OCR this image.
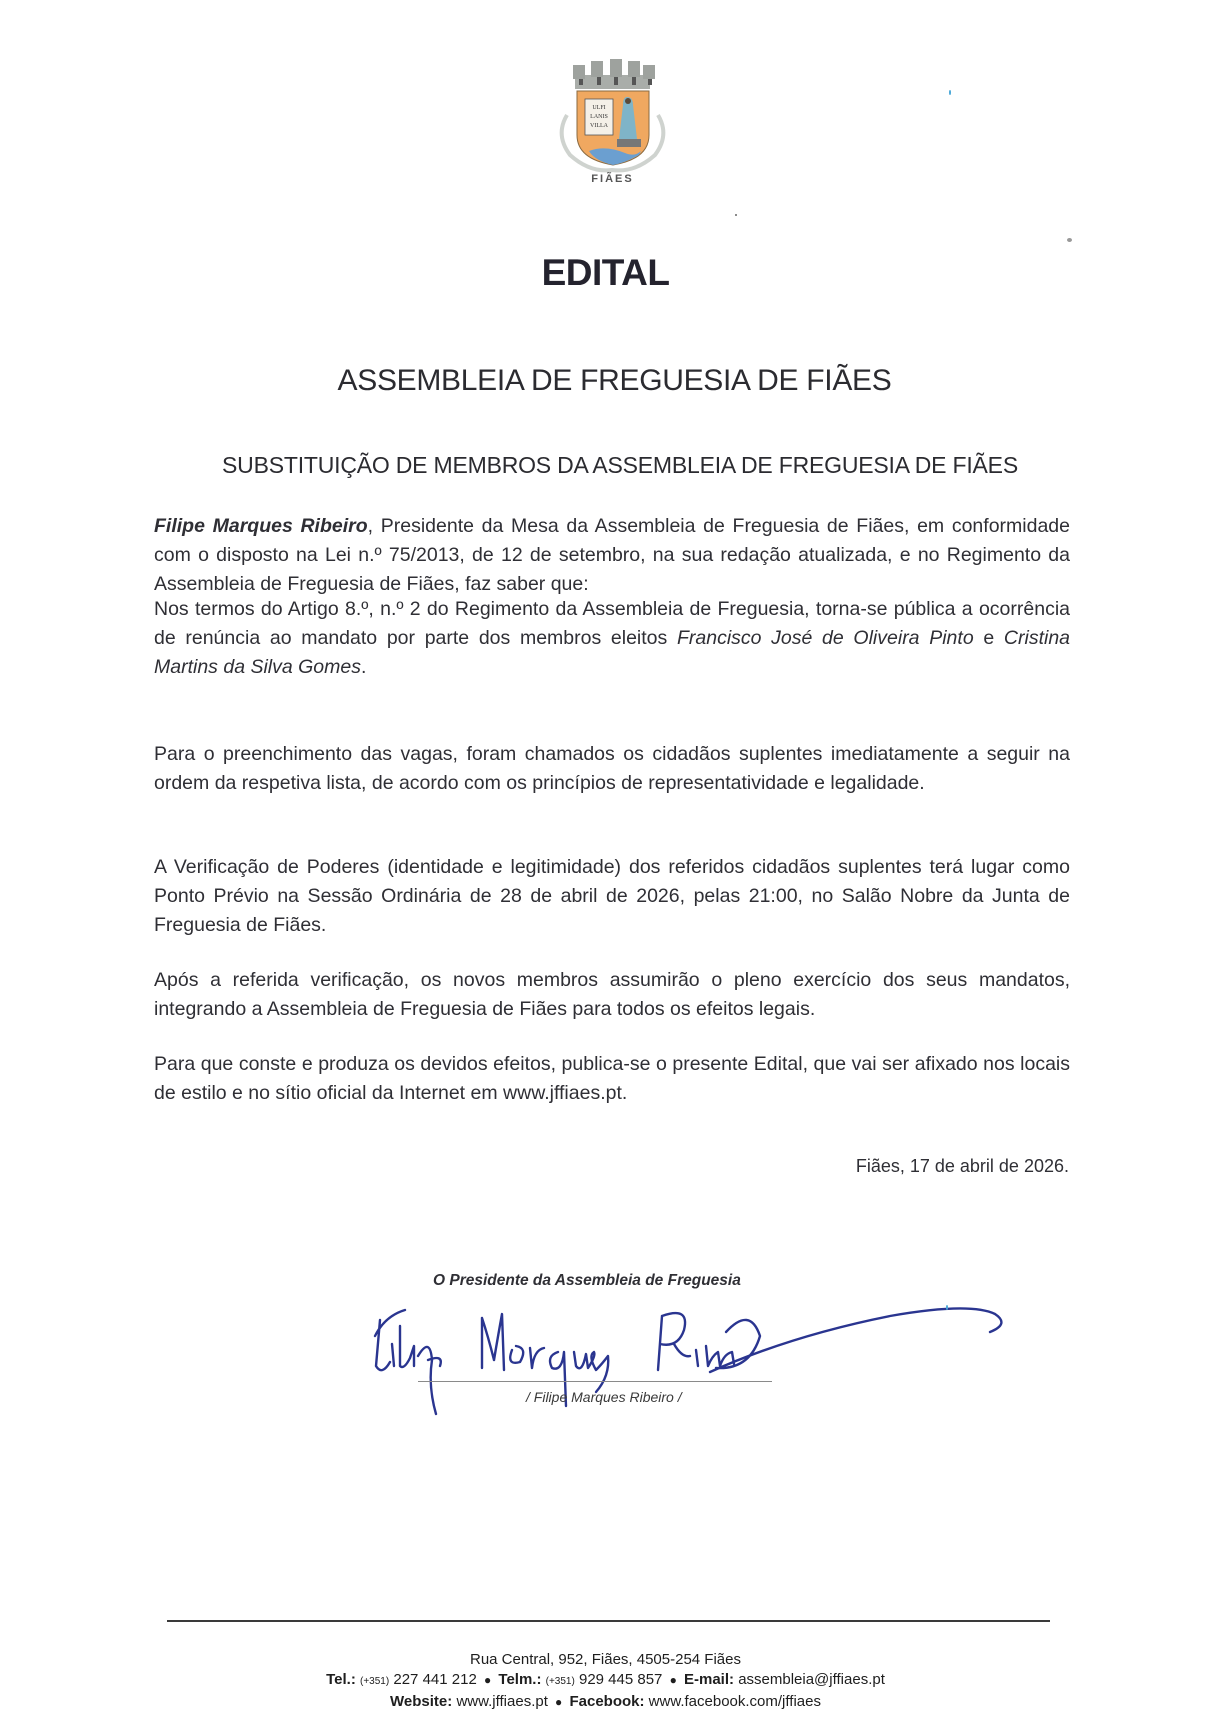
ULFI
LANIS
VILLA
FIÃES
EDITAL
ASSEMBLEIA DE FREGUESIA DE FIÃES
SUBSTITUIÇÃO DE MEMBROS DA ASSEMBLEIA DE FREGUESIA DE FIÃES
Filipe Marques Ribeiro, Presidente da Mesa da Assembleia de Freguesia de Fiães, em conformidade com o disposto na Lei n.º 75/2013, de 12 de setembro, na sua redação atualizada, e no Regimento da Assembleia de Freguesia de Fiães, faz saber que:
Nos termos do Artigo 8.º, n.º 2 do Regimento da Assembleia de Freguesia, torna-se pública a ocorrência de renúncia ao mandato por parte dos membros eleitos Francisco José de Oliveira Pinto e Cristina Martins da Silva Gomes.
Para o preenchimento das vagas, foram chamados os cidadãos suplentes imediatamente a seguir na ordem da respetiva lista, de acordo com os princípios de representatividade e legalidade.
A Verificação de Poderes (identidade e legitimidade) dos referidos cidadãos suplentes terá lugar como Ponto Prévio na Sessão Ordinária de 28 de abril de 2026, pelas 21:00, no Salão Nobre da Junta de Freguesia de Fiães.
Após a referida verificação, os novos membros assumirão o pleno exercício dos seus mandatos, integrando a Assembleia de Freguesia de Fiães para todos os efeitos legais.
Para que conste e produza os devidos efeitos, publica-se o presente Edital, que vai ser afixado nos locais de estilo e no sítio oficial da Internet em www.jffiaes.pt.
Fiães, 17 de abril de 2026.
O Presidente da Assembleia de Freguesia
/ Filipe Marques Ribeiro /
Rua Central, 952, Fiães, 4505-254 Fiães
Tel.: (+351) 227 441 212 ● Telm.: (+351) 929 445 857 ● E-mail: assembleia@jffiaes.pt
Website: www.jffiaes.pt ● Facebook: www.facebook.com/jffiaes
